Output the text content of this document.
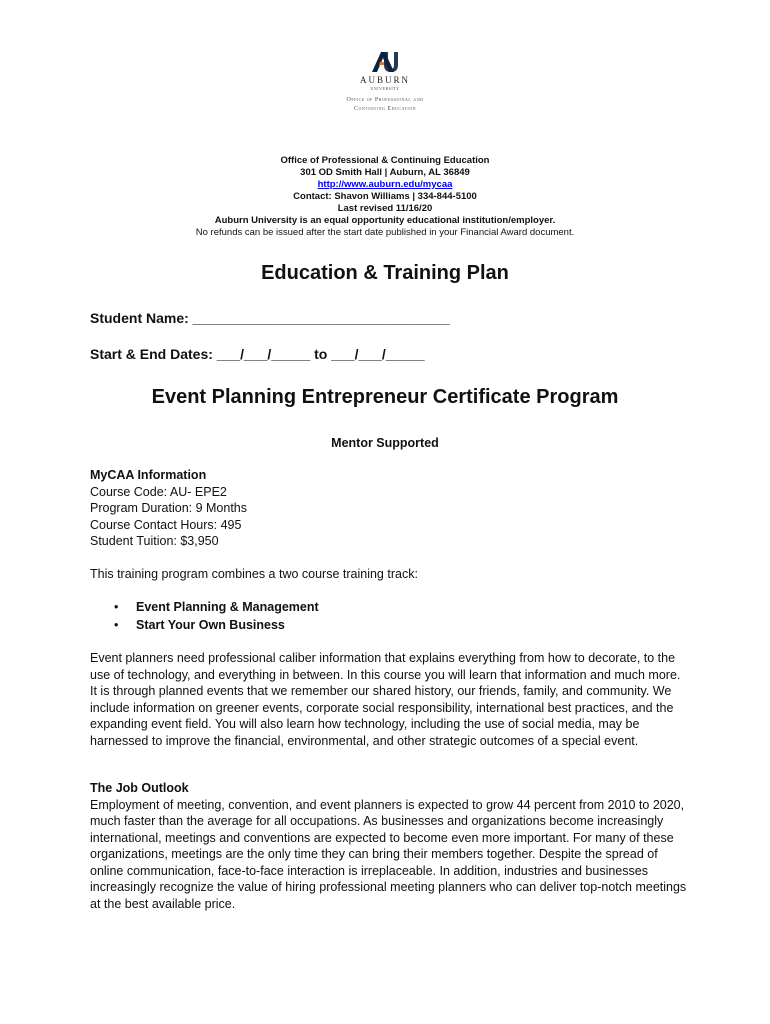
AUBURN
UNIVERSITY
Office of Professional and
Continuing Education
Office of Professional & Continuing Education
301 OD Smith Hall | Auburn, AL 36849
http://www.auburn.edu/mycaa
Contact: Shavon Williams | 334-844-5100
Last revised 11/16/20
Auburn University is an equal opportunity educational institution/employer.
No refunds can be issued after the start date published in your Financial Award document.
Education & Training Plan
Student Name: _________________________________
Start & End Dates: ___/___/_____ to ___/___/_____
Event Planning Entrepreneur Certificate Program
Mentor Supported
MyCAA Information
Course Code: AU- EPE2
Program Duration: 9 Months
Course Contact Hours: 495
Student Tuition: $3,950
This training program combines a two course training track:
• Event Planning & Management
• Start Your Own Business
Event planners need professional caliber information that explains everything from how to decorate, to the use of technology, and everything in between. In this course you will learn that information and much more. It is through planned events that we remember our shared history, our friends, family, and community. We include information on greener events, corporate social responsibility, international best practices, and the expanding event field. You will also learn how technology, including the use of social media, may be harnessed to improve the financial, environmental, and other strategic outcomes of a special event.
The Job Outlook
Employment of meeting, convention, and event planners is expected to grow 44 percent from 2010 to 2020, much faster than the average for all occupations. As businesses and organizations become increasingly international, meetings and conventions are expected to become even more important. For many of these organizations, meetings are the only time they can bring their members together. Despite the spread of online communication, face-to-face interaction is irreplaceable. In addition, industries and businesses increasingly recognize the value of hiring professional meeting planners who can deliver top-notch meetings at the best available price.
